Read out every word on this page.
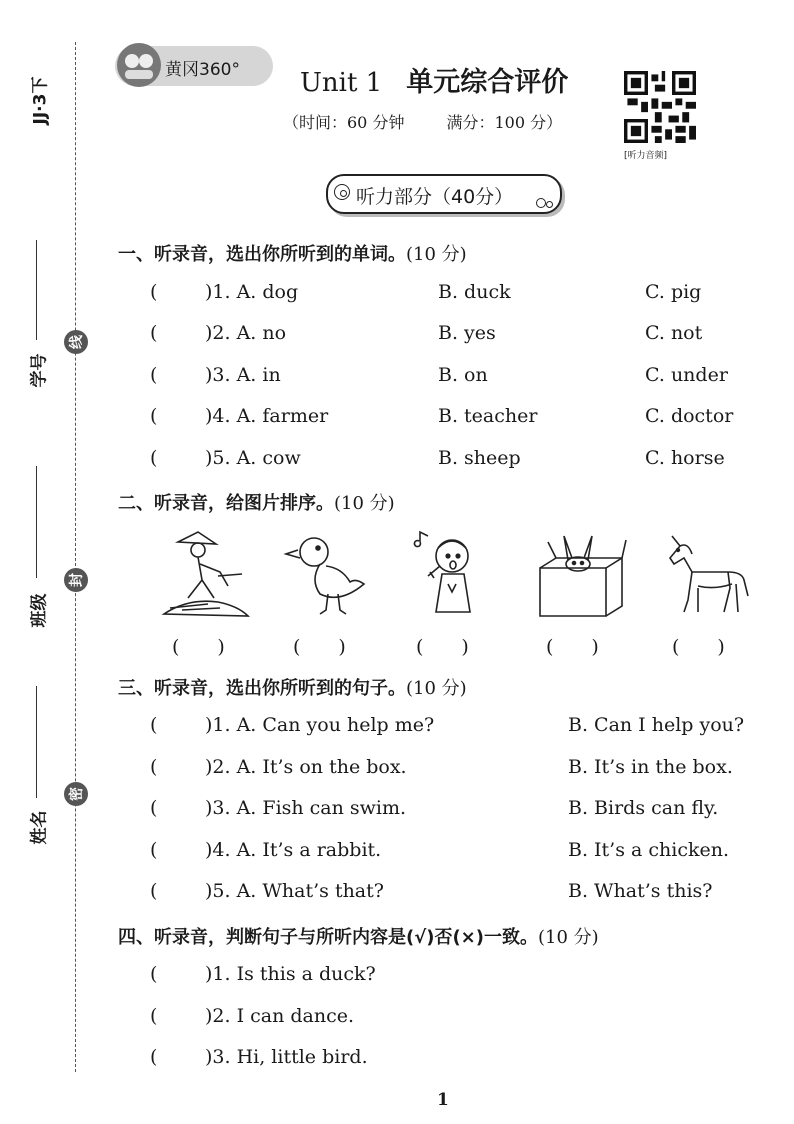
JJ·3下
学号
班级
姓名
线
封
密
黄冈360° Unit 1 单元综合评价
（时间：60 分钟	满分：100 分）
[听力音频]
听力部分（40分）
一、听录音，选出你所听到的单词。(10 分)
(	)1. A. dog	B. duck	C. pig
(	)2. A. no	B. yes	C. not
(	)3. A. in	B. on	C. under
(	)4. A. farmer	B. teacher	C. doctor
(	)5. A. cow	B. sheep	C. horse
二、听录音，给图片排序。(10 分)
(　　)	(　　)	(　　)	(　　)	(　　)
三、听录音，选出你所听到的句子。(10 分)
(	)1. A. Can you help me?	B. Can I help you?
(	)2. A. It’s on the box.	B. It’s in the box.
(	)3. A. Fish can swim.	B. Birds can fly.
(	)4. A. It’s a rabbit.	B. It’s a chicken.
(	)5. A. What’s that?	B. What’s this?
四、听录音，判断句子与所听内容是(√)否(×)一致。(10 分)
(	)1. Is this a duck?
(	)2. I can dance.
(	)3. Hi, little bird.
1
